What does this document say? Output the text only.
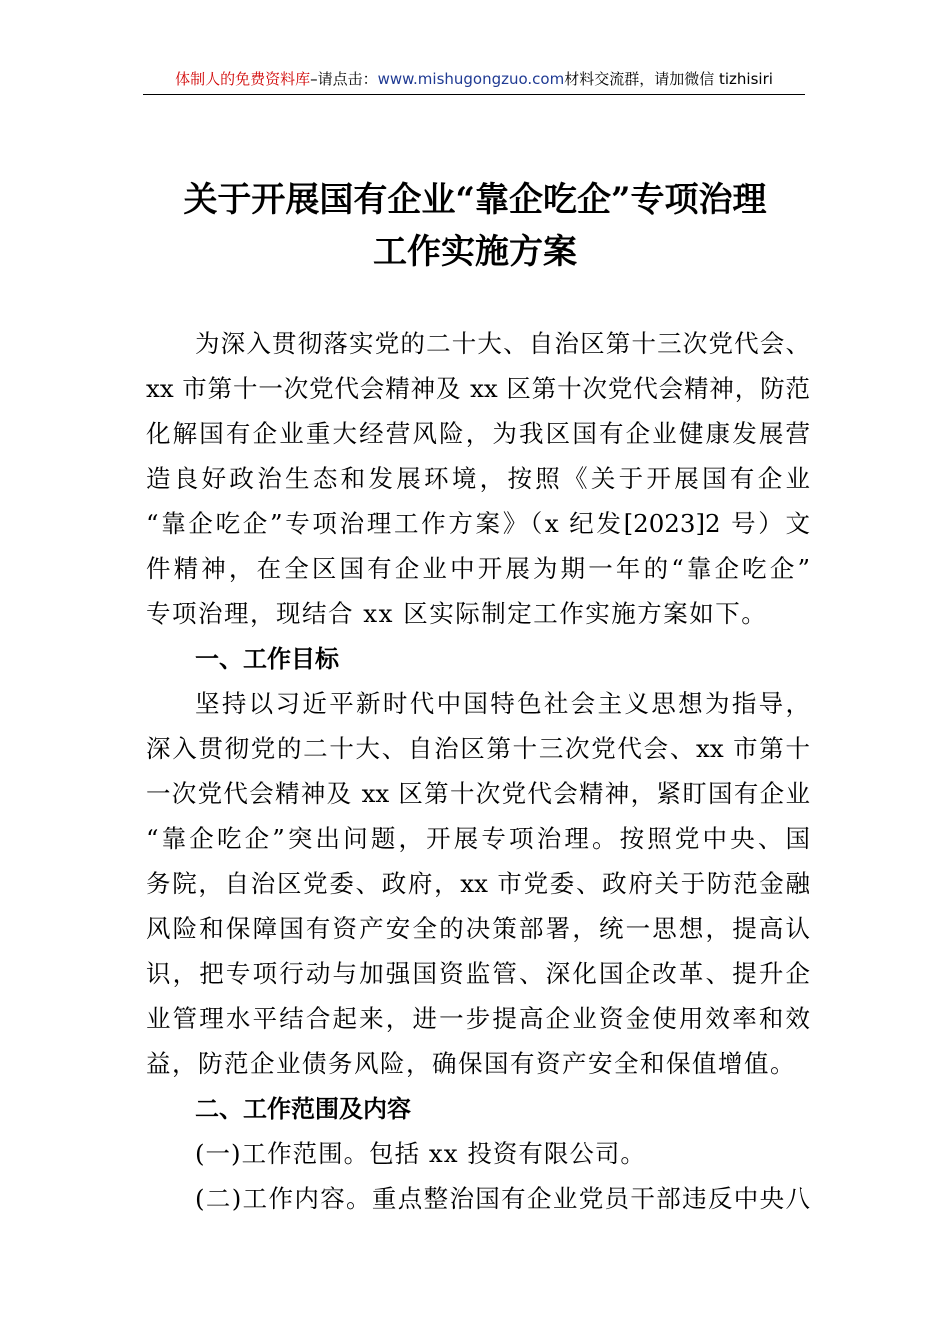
体制人的免费资料库–请点击：www.mishugongzuo.com材料交流群，请加微信 tizhisiri
关于开展国有企业“靠企吃企”专项治理
工作实施方案
为深入贯彻落实党的二十大、自治区第十三次党代会、
xx 市第十一次党代会精神及 xx 区第十次党代会精神，防范
化解国有企业重大经营风险，为我区国有企业健康发展营
造良好政治生态和发展环境，按照《关于开展国有企业
“靠企吃企”专项治理工作方案》（x 纪发[2023]2 号）文
件精神，在全区国有企业中开展为期一年的“靠企吃企”
专项治理，现结合 xx 区实际制定工作实施方案如下。
一、工作目标
坚持以习近平新时代中国特色社会主义思想为指导，
深入贯彻党的二十大、自治区第十三次党代会、xx 市第十
一次党代会精神及 xx 区第十次党代会精神，紧盯国有企业
“靠企吃企”突出问题，开展专项治理。按照党中央、国
务院，自治区党委、政府，xx 市党委、政府关于防范金融
风险和保障国有资产安全的决策部署，统一思想，提高认
识，把专项行动与加强国资监管、深化国企改革、提升企
业管理水平结合起来，进一步提高企业资金使用效率和效
益，防范企业债务风险，确保国有资产安全和保值增值。
二、工作范围及内容
(一)工作范围。包括 xx 投资有限公司。
(二)工作内容。重点整治国有企业党员干部违反中央八
